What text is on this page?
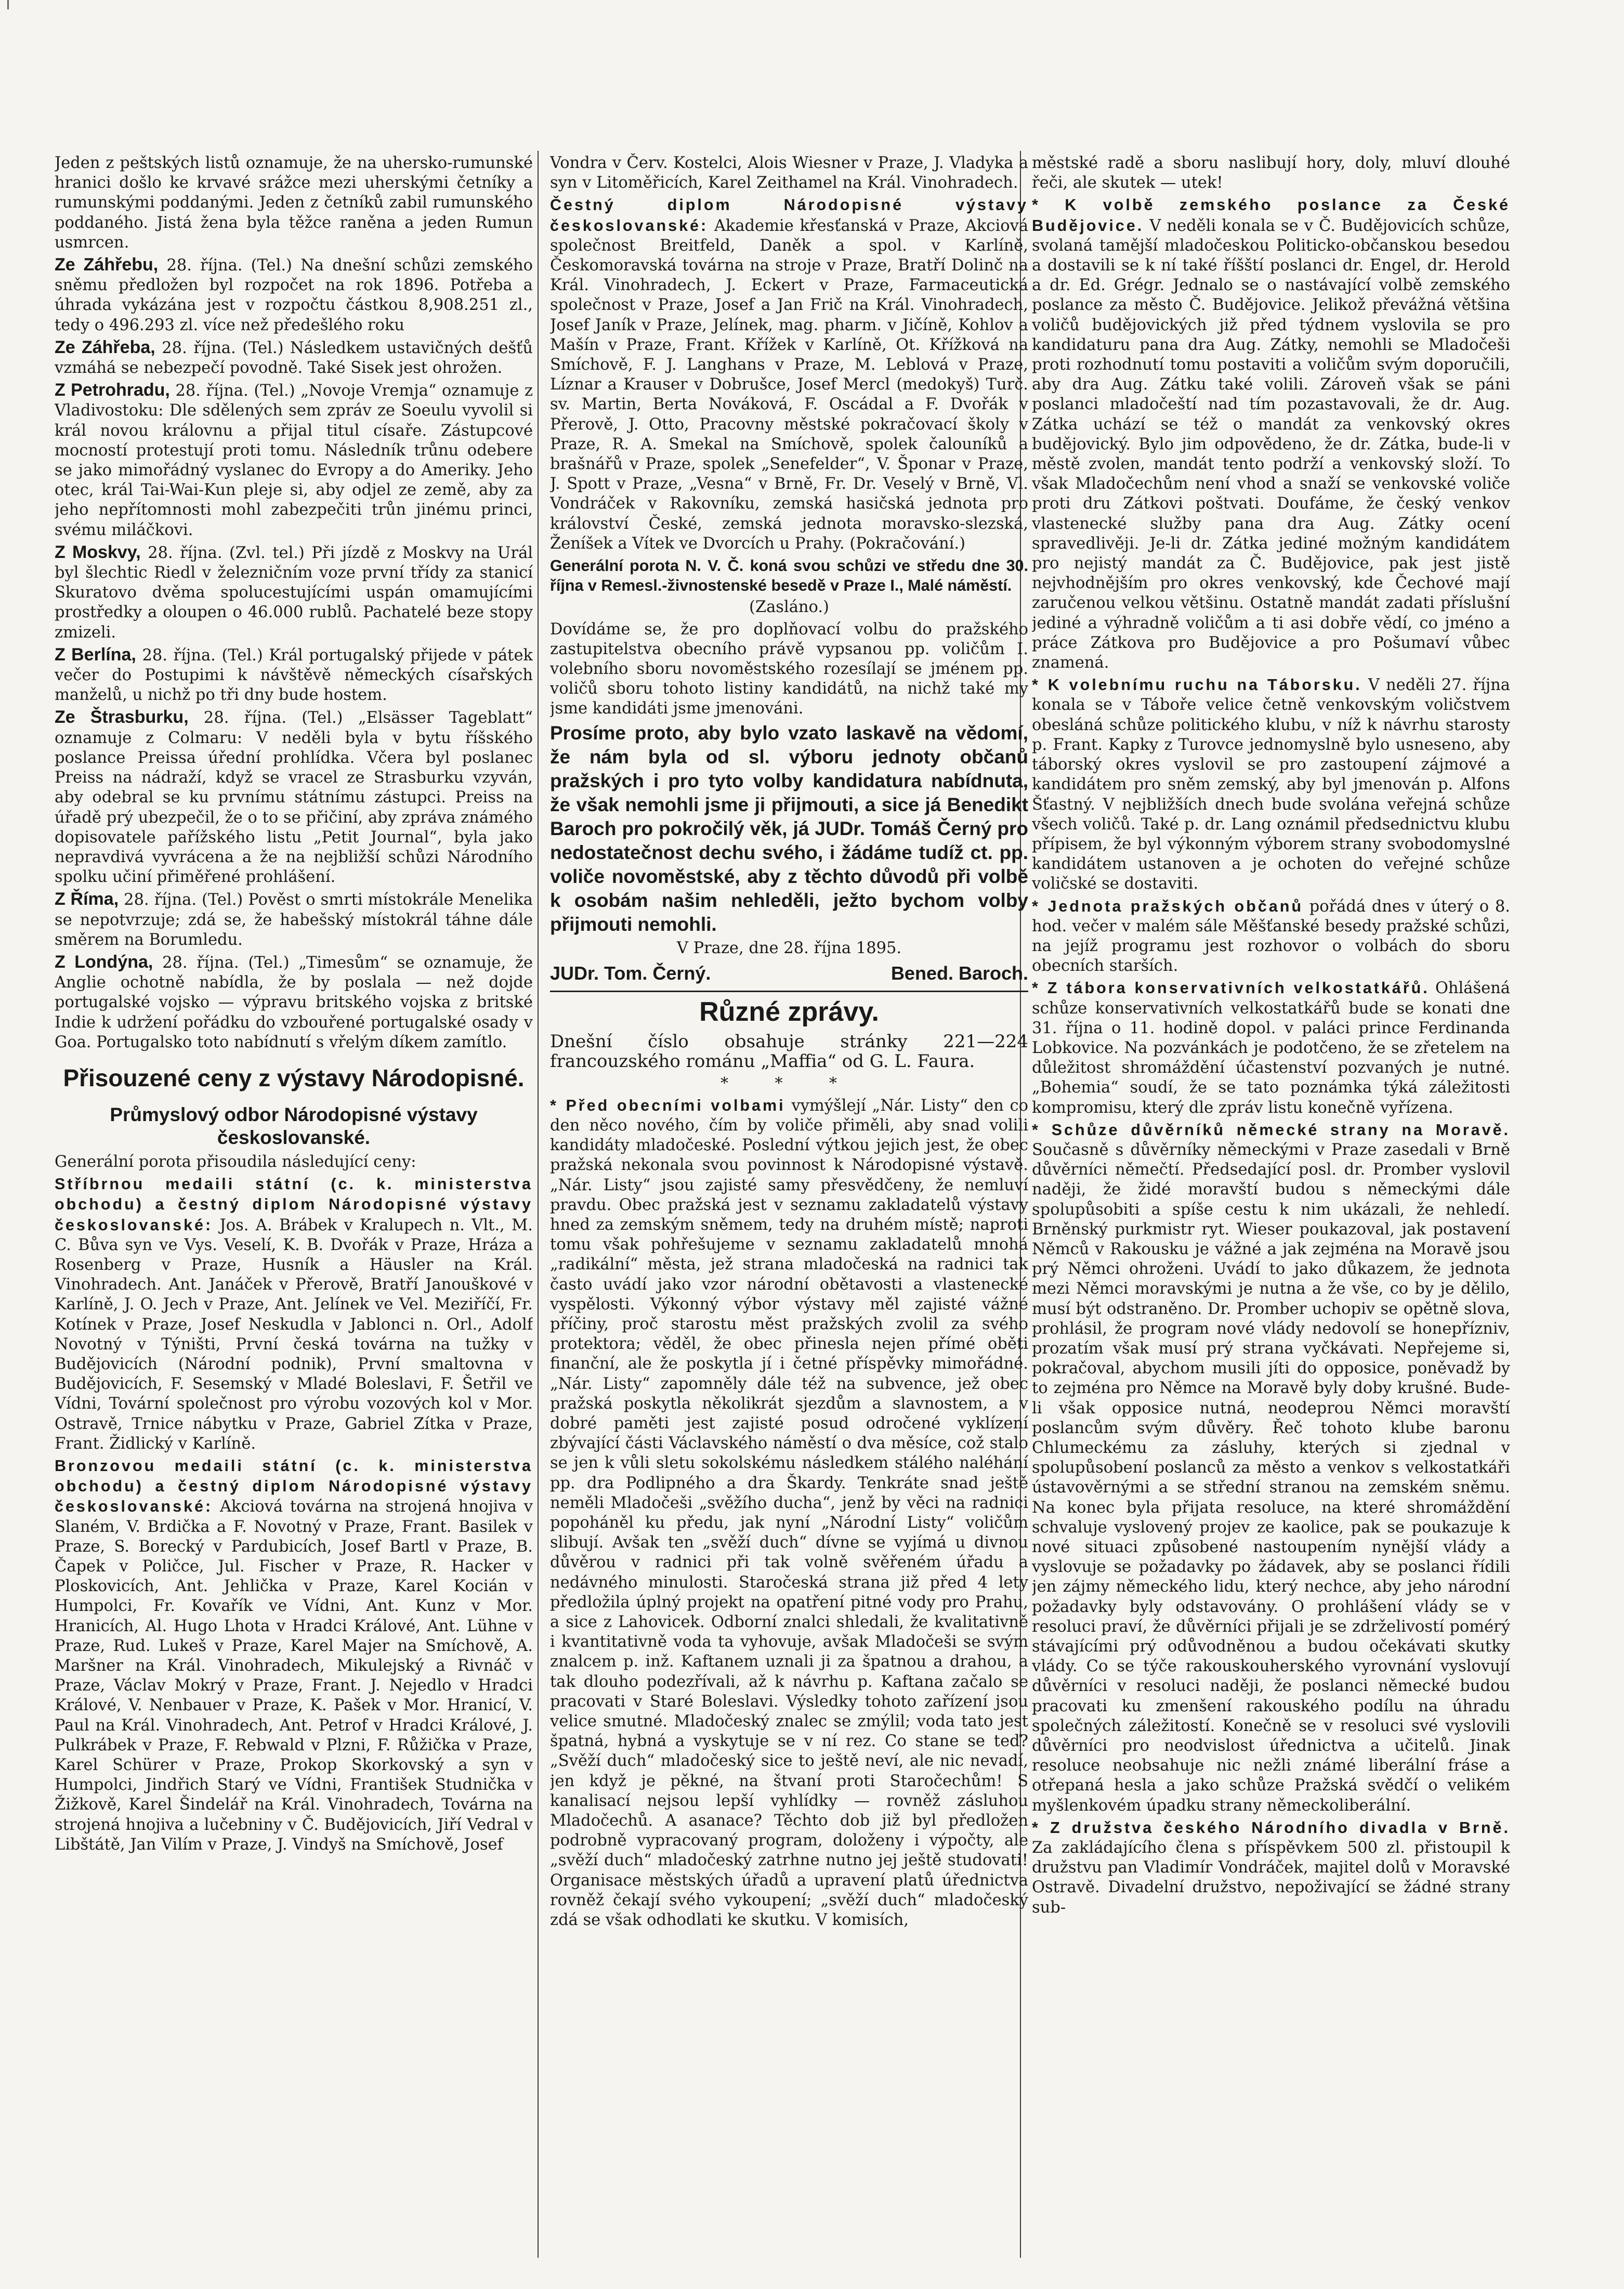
Jeden z peštských listů oznamuje, že na uhersko-rumunské hranici došlo ke krvavé srážce mezi uherskými četníky a rumunskými poddanými. Jeden z četníků zabil rumunského poddaného. Jistá žena byla těžce raněna a jeden Rumun usmrcen.

Ze Záhřebu, 28. října. (Tel.) Na dnešní schůzi zemského sněmu předložen byl rozpočet na rok 1896. Potřeba a úhrada vykázána jest v rozpočtu částkou 8,908.251 zl., tedy o 496.293 zl. více než předešlého roku

Ze Záhřeba, 28. října. (Tel.) Následkem ustavičných dešťů vzmáhá se nebezpečí povodně. Také Sisek jest ohrožen.

Z Petrohradu, 28. října. (Tel.) „Novoje Vremja“ oznamuje z Vladivostoku: Dle sdělených sem zpráv ze Soeulu vyvolil si král novou královnu a přijal titul císaře. Zástupcové mocností protestují proti tomu. Následník trůnu odebere se jako mimořádný vyslanec do Evropy a do Ameriky. Jeho otec, král Tai-Wai-Kun pleje si, aby odjel ze země, aby za jeho nepřítomnosti mohl zabezpečiti trůn jinému princi, svému miláčkovi.

Z Moskvy, 28. října. (Zvl. tel.) Při jízdě z Moskvy na Urál byl šlechtic Riedl v železničním voze první třídy za stanicí Skuratovo dvěma spolucestujícími uspán omamujícími prostředky a oloupen o 46.000 rublů. Pachatelé beze stopy zmizeli.

Z Berlína, 28. října. (Tel.) Král portugalský přijede v pátek večer do Postupimi k návštěvě německých císařských manželů, u nichž po tři dny bude hostem.

Ze Štrasburku, 28. října. (Tel.) „Elsässer Tageblatt“ oznamuje z Colmaru: V neděli byla v bytu říšského poslance Preissa úřední prohlídka. Včera byl poslanec Preiss na nádraží, když se vracel ze Strasburku vzyván, aby odebral se ku prvnímu státnímu zástupci. Preiss na úřadě prý ubezpečil, že o to se přičiní, aby zpráva známého dopisovatele pařížského listu „Petit Journal“, byla jako nepravdivá vyvrácena a že na nejbližší schůzi Národního spolku učiní přiměřené prohlášení.

Z Říma, 28. října. (Tel.) Pověst o smrti místokrále Menelika se nepotvrzuje; zdá se, že habešský místokrál táhne dále směrem na Borumledu.

Z Londýna, 28. října. (Tel.) „Timesům“ se oznamuje, že Anglie ochotně nabídla, že by poslala — než dojde portugalské vojsko — výpravu britského vojska z britské Indie k udržení pořádku do vzbouřené portugalské osady v Goa. Portugalsko toto nabídnutí s vřelým díkem zamítlo.

Přisouzené ceny z výstavy Národopisné.
Průmyslový odbor Národopisné výstavy českoslovanské.

Generální porota přisoudila následující ceny:

Stříbrnou medaili státní (c. k. ministerstva obchodu) a čestný diplom Národopisné výstavy českoslovanské: Jos. A. Brábek v Kralupech n. Vlt., M. C. Bůva syn ve Vys. Veselí, K. B. Dvořák v Praze, Hráza a Rosenberg v Praze, Husník a Häusler na Král. Vinohradech. Ant. Janáček v Přerově, Bratří Janouškové v Karlíně, J. O. Jech v Praze, Ant. Jelínek ve Vel. Meziříčí, Fr. Kotínek v Praze, Josef Neskudla v Jablonci n. Orl., Adolf Novotný v Týništi, První česká továrna na tužky v Budějovicích (Národní podnik), První smaltovna v Budějovicích, F. Sesemský v Mladé Boleslavi, F. Šetřil ve Vídni, Tovární společnost pro výrobu vozových kol v Mor. Ostravě, Trnice nábytku v Praze, Gabriel Zítka v Praze, Frant. Židlický v Karlíně.

Bronzovou medaili státní (c. k. ministerstva obchodu) a čestný diplom Národopisné výstavy českoslovanské: Akciová továrna na strojená hnojiva v Slaném, V. Brdička a F. Novotný v Praze, Frant. Basilek v Praze, S. Borecký v Pardubicích, Josef Bartl v Praze, B. Čapek v Poličce, Jul. Fischer v Praze, R. Hacker v Ploskovicích, Ant. Jehlička v Praze, Karel Kocián v Humpolci, Fr. Kovařík ve Vídni, Ant. Kunz v Mor. Hranicích, Al. Hugo Lhota v Hradci Králové, Ant. Lühne v Praze, Rud. Lukeš v Praze, Karel Majer na Smíchově, A. Maršner na Král. Vinohradech, Mikulejský a Rivnáč v Praze, Václav Mokrý v Praze, Frant. J. Nejedlo v Hradci Králové, V. Nenbauer v Praze, K. Pašek v Mor. Hranicí, V. Paul na Král. Vinohradech, Ant. Petrof v Hradci Králové, J. Pulkrábek v Praze, F. Rebwald v Plzni, F. Růžička v Praze, Karel Schürer v Praze, Prokop Skorkovský a syn v Humpolci, Jindřich Starý ve Vídni, František Studnička v Žižkově, Karel Šindelář na Král. Vinohradech, Továrna na strojená hnojiva a lučebniny v Č. Budějovicích, Jiří Vedral v Libštátě, Jan Vilím v Praze, J. Vindyš na Smíchově, Josef

Vondra v Červ. Kostelci, Alois Wiesner v Praze, J. Vladyka a syn v Litoměřicích, Karel Zeithamel na Král. Vinohradech.

Čestný diplom Národopisné výstavy českoslovanské: Akademie křesťanská v Praze, Akciová společnost Breitfeld, Daněk a spol. v Karlíně, Českomoravská továrna na stroje v Praze, Bratří Dolinč na Král. Vinohradech, J. Eckert v Praze, Farmaceutická společnost v Praze, Josef a Jan Frič na Král. Vinohradech, Josef Janík v Praze, Jelínek, mag. pharm. v Jičíně, Kohlov a Mašín v Praze, Frant. Křížek v Karlíně, Ot. Křížková na Smíchově, F. J. Langhans v Praze, M. Leblová v Praze, Líznar a Krauser v Dobrušce, Josef Mercl (medokyš) Turč. sv. Martin, Berta Nováková, F. Oscádal a F. Dvořák v Přerově, J. Otto, Pracovny městské pokračovací školy v Praze, R. A. Smekal na Smíchově, spolek čalouníků a brašnářů v Praze, spolek „Senefelder“, V. Šponar v Praze, J. Spott v Praze, „Vesna“ v Brně, Fr. Dr. Veselý v Brně, Vl. Vondráček v Rakovníku, zemská hasičská jednota pro království České, zemská jednota moravsko-slezská, Ženíšek a Vítek ve Dvorcích u Prahy. (Pokračování.)

Generální porota N. V. Č. koná svou schůzi ve středu dne 30. října v Remesl.-živnostenské besedě v Praze I., Malé náměstí.

(Zasláno.)

Dovídáme se, že pro doplňovací volbu do pražského zastupitelstva obecního právě vypsanou pp. voličům I. volebního sboru novoměstského rozesílají se jménem pp. voličů sboru tohoto listiny kandidátů, na nichž také my jsme kandidáti jsme jmenováni.

Prosíme proto, aby bylo vzato laskavě na vědomí, že nám byla od sl. výboru jednoty občanů pražských i pro tyto volby kandidatura nabídnuta, že však nemohli jsme ji přijmouti, a sice já Benedikt Baroch pro pokročilý věk, já JUDr. Tomáš Černý pro nedostatečnost dechu svého, i žádáme tudíž ct. pp. voliče novoměstské, aby z těchto důvodů při volbě k osobám našim nehleděli, ježto bychom volby přijmouti nemohli.

V Praze, dne 28. října 1895.

JUDr. Tom. Černý.	Bened. Baroch.
Různé zprávy.

Dnešní číslo obsahuje stránky 221—224 francouzského románu „Maffia“ od G. L. Faura.

* * *

* Před obecními volbami vymýšlejí „Nár. Listy“ den co den něco nového, čím by voliče přiměli, aby snad volili kandidáty mladočeské. Poslední výtkou jejich jest, že obec pražská nekonala svou povinnost k Národopisné výstavě. „Nár. Listy“ jsou zajisté samy přesvědčeny, že nemluví pravdu. Obec pražská jest v seznamu zakladatelů výstavy hned za zemským sněmem, tedy na druhém místě; naproti tomu však pohřešujeme v seznamu zakladatelů mnohá „radikální“ města, jež strana mladočeská na radnici tak často uvádí jako vzor národní obětavosti a vlastenecké vyspělosti. Výkonný výbor výstavy měl zajisté vážné příčiny, proč starostu měst pražských zvolil za svého protektora; věděl, že obec přinesla nejen přímé oběti finanční, ale že poskytla jí i četné příspěvky mimořádné. „Nár. Listy“ zapomněly dále též na subvence, jež obec pražská poskytla několikrát sjezdům a slavnostem, a v dobré paměti jest zajisté posud odročené vyklízení zbývající části Václavského náměstí o dva měsíce, což stalo se jen k vůli sletu sokolskému následkem stálého naléhání pp. dra Podlipného a dra Škardy. Tenkráte snad ještě neměli Mladočeši „svěžího ducha“, jenž by věci na radnici popoháněl ku předu, jak nyní „Národní Listy“ voličům slibují. Avšak ten „svěží duch“ dívne se vyjímá u divnou důvěrou v radnici při tak volně svěřeném úřadu a nedávného minulosti. Staročeská strana již před 4 lety předložila úplný projekt na opatření pitné vody pro Prahu, a sice z Lahovicek. Odborní znalci shledali, že kvalitativně i kvantitativně voda ta vyhovuje, avšak Mladočeši se svým znalcem p. inž. Kaftanem uznali ji za špatnou a drahou, a tak dlouho podezřívali, až k návrhu p. Kaftana začalo se pracovati v Staré Boleslavi. Výsledky tohoto zařízení jsou velice smutné. Mladočeský znalec se zmýlil; voda tato jest špatná, hybná a vyskytuje se v ní rez. Co stane se teď? „Svěží duch“ mladočeský sice to ještě neví, ale nic nevadí, jen když je pěkné, na štvaní proti Staročechům! S kanalisací nejsou lepší vyhlídky — rovněž zásluhou Mladočechů. A asanace? Těchto dob již byl předložen podrobně vypracovaný program, doloženy i výpočty, ale „svěží duch“ mladočeský zatrhne nutno jej ještě studovati! Organisace městských úřadů a upravení platů úřednictva rovněž čekají svého vykoupení; „svěží duch“ mladočeský zdá se však odhodlati ke skutku. V komisích,

městské radě a sboru naslibují hory, doly, mluví dlouhé řeči, ale skutek — utek!

* K volbě zemského poslance za České Budějovice. V neděli konala se v Č. Budějovicích schůze, svolaná tamější mladočeskou Politicko-občanskou besedou a dostavili se k ní také říšští poslanci dr. Engel, dr. Herold a dr. Ed. Grégr. Jednalo se o nastávající volbě zemského poslance za město Č. Budějovice. Jelikož převážná většina voličů budějovických již před týdnem vyslovila se pro kandidaturu pana dra Aug. Zátky, nemohli se Mladočeši proti rozhodnutí tomu postaviti a voličům svým doporučili, aby dra Aug. Zátku také volili. Zároveň však se páni poslanci mladočeští nad tím pozastavovali, že dr. Aug. Zátka uchází se též o mandát za venkovský okres budějovický. Bylo jim odpovědeno, že dr. Zátka, bude-li v městě zvolen, mandát tento podrží a venkovský složí. To však Mladočechům není vhod a snaží se venkovské voliče proti dru Zátkovi poštvati. Doufáme, že český venkov vlastenecké služby pana dra Aug. Zátky ocení spravedlivěji. Je-li dr. Zátka jediné možným kandidátem pro nejistý mandát za Č. Budějovice, pak jest jistě nejvhodnějším pro okres venkovský, kde Čechové mají zaručenou velkou většinu. Ostatně mandát zadati příslušní jediné a výhradně voličům a ti asi dobře vědí, co jméno a práce Zátkova pro Budějovice a pro Pošumaví vůbec znamená.

* K volebnímu ruchu na Táborsku. V neděli 27. října konala se v Táboře velice četně venkovským voličstvem obesláná schůze politického klubu, v níž k návrhu starosty p. Frant. Kapky z Turovce jednomyslně bylo usneseno, aby táborský okres vyslovil se pro zastoupení zájmové a kandidátem pro sněm zemský, aby byl jmenován p. Alfons Šťastný. V nejbližších dnech bude svolána veřejná schůze všech voličů. Také p. dr. Lang oznámil předsednictvu klubu přípisem, že byl výkonným výborem strany svobodomyslné kandidátem ustanoven a je ochoten do veřejné schůze voličské se dostaviti.

* Jednota pražských občanů pořádá dnes v úterý o 8. hod. večer v malém sále Měšťanské besedy pražské schůzi, na jejíž programu jest rozhovor o volbách do sboru obecních starších.

* Z tábora konservativních velkostatkářů. Ohlášená schůze konservativních velkostatkářů bude se konati dne 31. října o 11. hodině dopol. v paláci prince Ferdinanda Lobkovice. Na pozvánkách je podotčeno, že se zřetelem na důležitost shromáždění účastenství pozvaných je nutné. „Bohemia“ soudí, že se tato poznámka týká záležitosti kompromisu, který dle zpráv listu konečně vyřízena.

* Schůze důvěrníků německé strany na Moravě. Současně s důvěrníky německými v Praze zasedali v Brně důvěrníci němečtí. Předsedající posl. dr. Promber vyslovil naději, že židé moravští budou s německými dále spolupůsobiti a spíše cestu k nim ukázali, že nehledí. Brněnský purkmistr ryt. Wieser poukazoval, jak postavení Němců v Rakousku je vážné a jak zejména na Moravě jsou prý Němci ohroženi. Uvádí to jako důkazem, že jednota mezi Němci moravskými je nutna a že vše, co by je dělilo, musí být odstraněno. Dr. Promber uchopiv se opětně slova, prohlásil, že program nové vlády nedovolí se honepřízniv, prozatím však musí prý strana vyčkávati. Nepřejeme si, pokračoval, abychom musili jíti do opposice, poněvadž by to zejména pro Němce na Moravě byly doby krušné. Bude-li však opposice nutná, neodeprou Němci moravští poslancům svým důvěry. Řeč tohoto klube baronu Chlumeckému za zásluhy, kterých si zjednal v spolupůsobení poslanců za město a venkov s velkostatkáři ústavověrnými a se střední stranou na zemském sněmu. Na konec byla přijata resoluce, na které shromáždění schvaluje vyslovený projev ze kaolice, pak se poukazuje k nové situaci způsobené nastoupením nynější vlády a vyslovuje se požadavky po žádavek, aby se poslanci řídili jen zájmy německého lidu, který nechce, aby jeho národní požadavky byly odstavovány. O prohlášení vlády se v resoluci praví, že důvěrníci přijali je se zdrželivostí pomérý stávajícími prý odůvodněnou a budou očekávati skutky vlády. Co se týče rakouskouherského vyrovnání vyslovují důvěrníci v resoluci naději, že poslanci německé budou pracovati ku zmenšení rakouského podílu na úhradu společných záležitostí. Konečně se v resoluci své vyslovili důvěrníci pro neodvislost úřednictva a učitelů. Jinak resoluce neobsahuje nic nežli známé liberální fráse a otřepaná hesla a jako schůze Pražská svědčí o velikém myšlenkovém úpadku strany německoliberální.

* Z družstva českého Národního divadla v Brně. Za zakládajícího člena s příspěvkem 500 zl. přistoupil k družstvu pan Vladimír Vondráček, majitel dolů v Moravské Ostravě. Divadelní družstvo, nepoživající se žádné strany sub-
